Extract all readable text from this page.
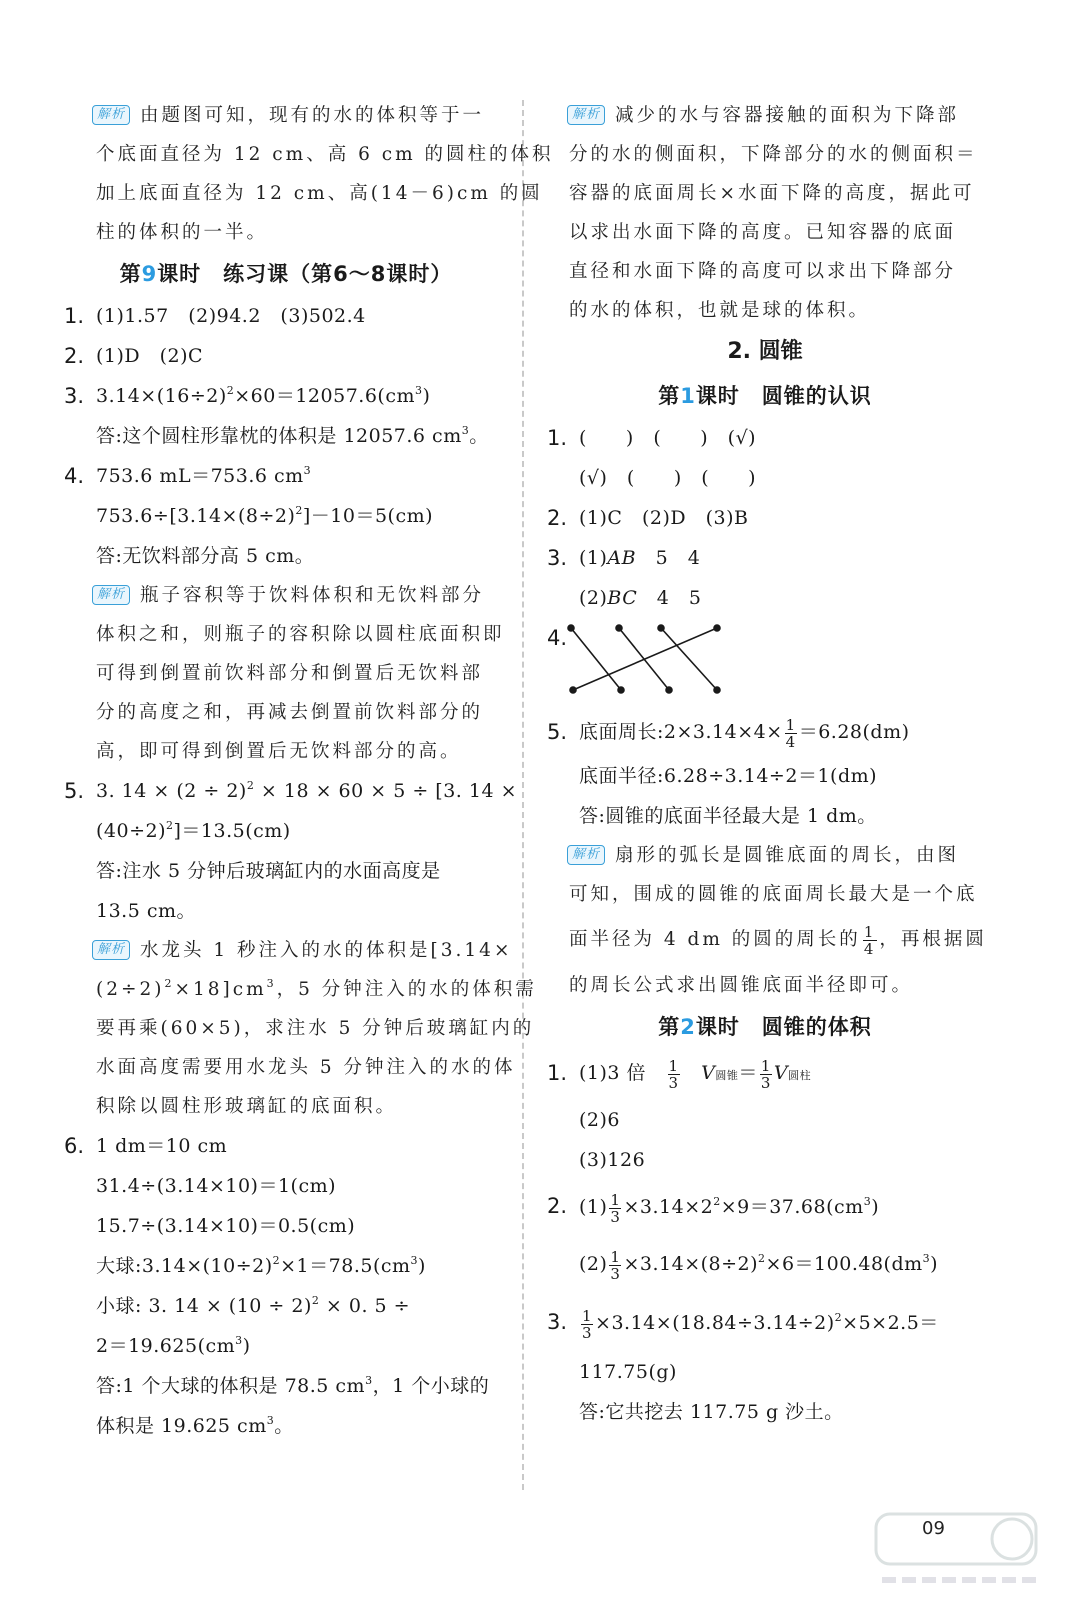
解析 由题图可知，现有的水的体积等于一
个底面直径为 12 cm、高 6 cm 的圆柱的体积
加上底面直径为 12 cm、高(14－6)cm 的圆
柱的体积的一半。
第9课时　练习课（第6～8课时）
1. (1)1.57　(2)94.2　(3)502.4
2. (1)D　(2)C
3. $3.14\times(16\div 2)^2\times 60=12057.6(cm^3)$
答:这个圆柱形靠枕的体积是 12057.6 $cm^3$。
4. 753.6 mL＝753.6 $cm^3$
$753.6\div[3.14\times(8\div 2)^2]-10=5(cm)$
答:无饮料部分高 5 cm。
解析 瓶子容积等于饮料体积和无饮料部分
体积之和，则瓶子的容积除以圆柱底面积即
可得到倒置前饮料部分和倒置后无饮料部
分的高度之和，再减去倒置前饮料部分的
高，即可得到倒置后无饮料部分的高。
5. 3. $14 \times (2 \div 2)^2 \times 18 \times 60 \times 5 \div [3$. 14 ×
$(40\div 2)^2]=13.5(cm)$
答:注水 5 分钟后玻璃缸内的水面高度是
13.5 cm。
解析 水龙头 1 秒注入的水的体积是[3.14×
$(2\div 2)^2\times 18]cm^3$，5 分钟注入的水的体积需
要再乘(60×5)，求注水 5 分钟后玻璃缸内的
水面高度需要用水龙头 5 分钟注入的水的体
积除以圆柱形玻璃缸的底面积。
6. 1 dm＝10 cm
31.4÷(3.14×10)＝1(cm)
15.7÷(3.14×10)＝0.5(cm)
大球$:3.14\times(10\div 2)^2\times 1=78.5(cm^3)$
小球: 3. $14 \times (10 \div 2)^2 \times 0$. 5 ÷
$2=19.625(cm^3)$
答:1 个大球的体积是 78.5 $cm^3$，1 个小球的
体积是 19.625 $cm^3$。
解析 减少的水与容器接触的面积为下降部
分的水的侧面积，下降部分的水的侧面积＝
容器的底面周长×水面下降的高度，据此可
以求出水面下降的高度。已知容器的底面
直径和水面下降的高度可以求出下降部分
的水的体积，也就是球的体积。
2. 圆锥
第1课时　圆锥的认识
1. (　　)　(　　)　(√)
(√)　(　　)　(　　)
2. (1)C　(2)D　(3)B
3. (1)AB　5　4
(2)BC　4　5
4.
5. 底面周长:2×3.14×4× $\frac{1}{4} =6.28(dm)$
底面半径:6.28÷3.14÷2＝1(dm)
答:圆锥的底面半径最大是 1 dm。
解析 扇形的弧长是圆锥底面的周长，由图
可知，围成的圆锥的底面周长最大是一个底
面半径为 4 dm 的圆的周长的 $\frac{1}{4}$ ，再根据圆
的周长公式求出圆锥底面半径即可。
第2课时　圆锥的体积
1. (1)3 倍　 $\frac{1}{3}$
　 V圆锥＝ $\frac{1}{3}$ V圆柱
(2)6
(3)126
2. $(1) \frac{1}{3} \times 3.14\times 2^2\times 9=37.68(cm^3)$
$(2) \frac{1}{3} \times 3.14\times(8\div 2)^2\times 6=100.48(dm^3)$
3. $\frac{1}{3} \times 3.14\times(18.84\div 3.14\div 2)^2\times 5\times 2.5=$
117.75(g)
答:它共挖去 117.75 g 沙土。
09
